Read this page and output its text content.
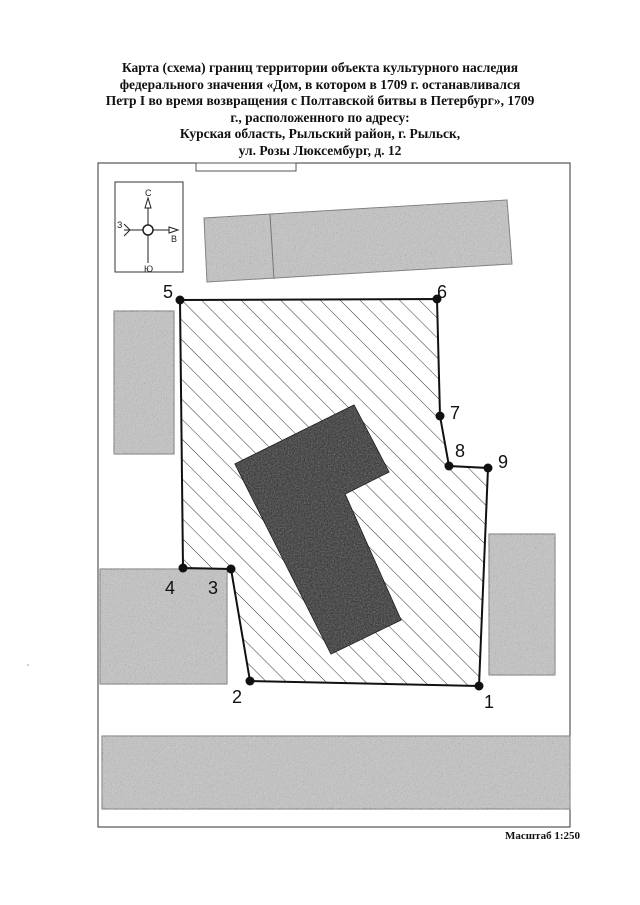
Карта (схема) границ территории объекта культурного наследия
федерального значения «Дом, в котором в 1709 г. останавливался
Петр I во время возвращения с Полтавской битвы в Петербург», 1709
г., расположенного по адресу:
Курская область, Рыльский район, г. Рыльск,
ул. Розы Люксембург, д. 12
1
2
3
4
5	6
7
8
9
С
Ю
З
В
Масштаб 1:250
